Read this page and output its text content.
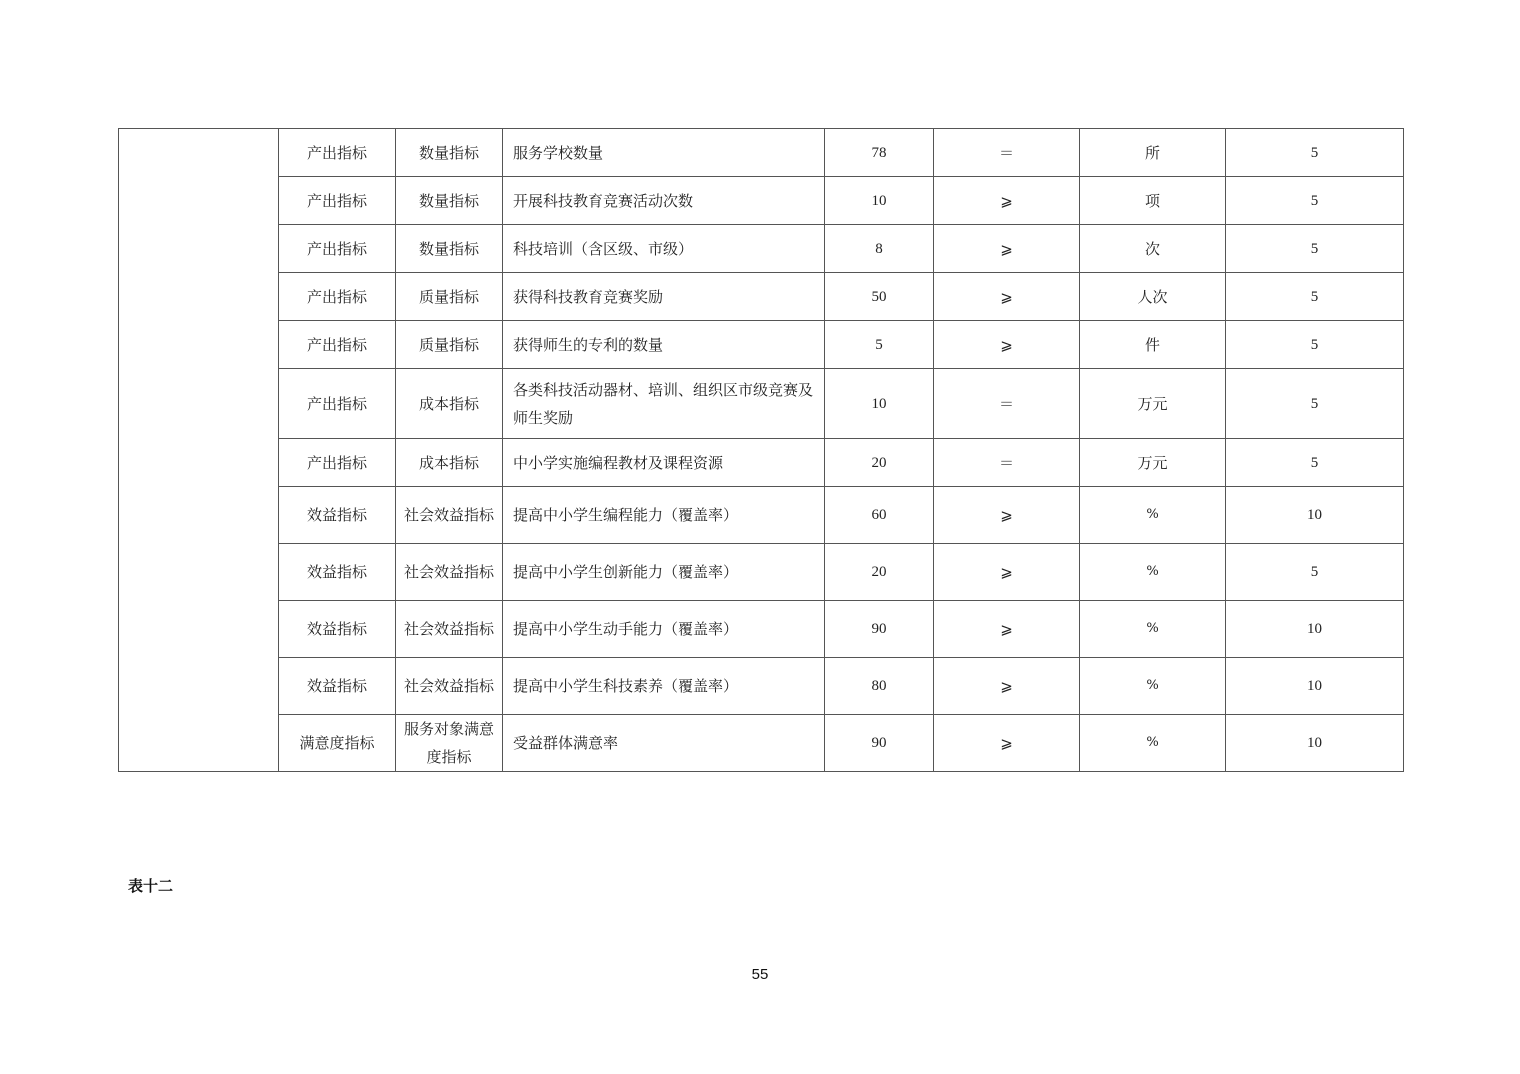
	产出指标	数量指标	服务学校数量	78	＝	所	5
	产出指标	数量指标	开展科技教育竞赛活动次数	10	⩾	项	5
	产出指标	数量指标	科技培训（含区级、市级）	8	⩾	次	5
	产出指标	质量指标	获得科技教育竞赛奖励	50	⩾	人次	5
	产出指标	质量指标	获得师生的专利的数量	5	⩾	件	5
	产出指标	成本指标	各类科技活动器材、培训、组织区市级竞赛及师生奖励	10	＝	万元	5
	产出指标	成本指标	中小学实施编程教材及课程资源	20	＝	万元	5
	效益指标	社会效益指标	提高中小学生编程能力（覆盖率）	60	⩾	%	10
	效益指标	社会效益指标	提高中小学生创新能力（覆盖率）	20	⩾	%	5
	效益指标	社会效益指标	提高中小学生动手能力（覆盖率）	90	⩾	%	10
	效益指标	社会效益指标	提高中小学生科技素养（覆盖率）	80	⩾	%	10
	满意度指标	服务对象满意度指标	受益群体满意率	90	⩾	%	10
表十二
55
